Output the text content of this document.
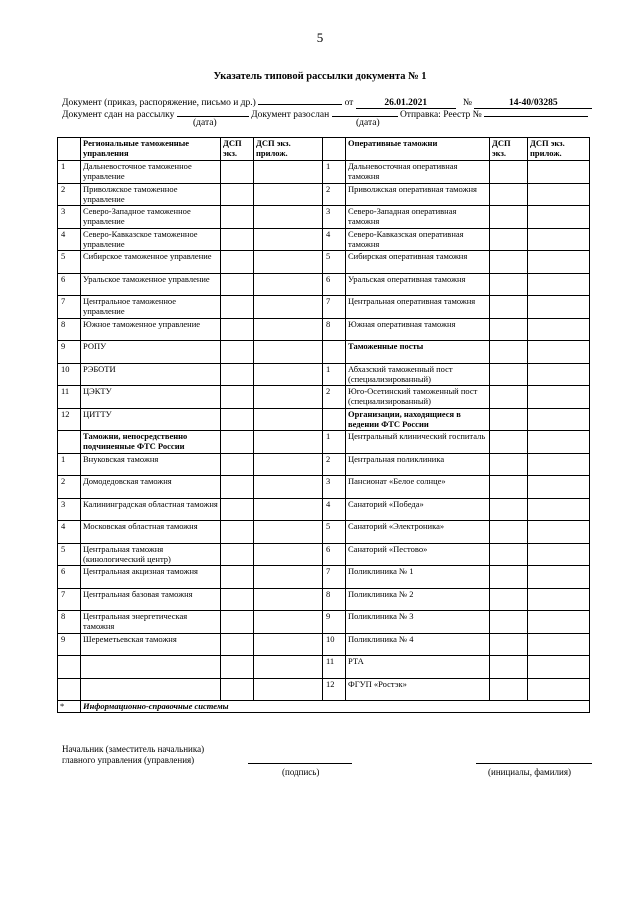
5
Указатель типовой рассылки документа № 1
Документ (приказ, распоряжение, письмо и др.)	от	26.01.2021	№	14-40/03285
Документ сдан на рассылку	Документ разослан	Отправка: Реестр №
(дата)	(дата)
	Региональные таможенные управления	ДСП экз.	ДСП экз. прилож.		Оперативные таможни	ДСП экз.	ДСП экз. прилож.
1	Дальневосточное таможенное управление			1	Дальневосточная оперативная таможня		
2	Приволжское таможенное управление			2	Приволжская оперативная таможня		
3	Северо-Западное таможенное управление			3	Северо-Западная оперативная таможня		
4	Северо-Кавказское таможенное управление			4	Северо-Кавказская оперативная таможня		
5	Сибирское таможенное управление			5	Сибирская оперативная таможня		
6	Уральское таможенное управление			6	Уральская оперативная таможня		
7	Центральное таможенное управление			7	Центральная оперативная таможня		
8	Южное таможенное управление			8	Южная оперативная таможня		
9	РОПУ				Таможенные посты		
10	РЭБОТИ			1	Абхазский таможенный пост (специализированный)		
11	ЦЭКТУ			2	Юго-Осетинский таможенный пост (специализированный)		
12	ЦИТТУ				Организации, находящиеся в ведении ФТС России		
	Таможни, непосредственно подчиненные ФТС России			1	Центральный клинический госпиталь		
1	Внуковская таможня			2	Центральная поликлиника		
2	Домодедовская таможня			3	Пансионат «Белое солнце»		
3	Калининградская областная таможня			4	Санаторий «Победа»		
4	Московская областная таможня			5	Санаторий «Электроника»		
5	Центральная таможня (кинологический центр)			6	Санаторий «Пестово»		
6	Центральная акцизная таможня			7	Поликлиника № 1		
7	Центральная базовая таможня			8	Поликлиника № 2		
8	Центральная энергетическая таможня			9	Поликлиника № 3		
9	Шереметьевская таможня			10	Поликлиника № 4		
				11	РТА		
				12	ФГУП «Ростэк»		
*	Информационно-справочные системы						
Начальник (заместитель начальника)
главного управления (управления)
(подпись)	(инициалы, фамилия)
